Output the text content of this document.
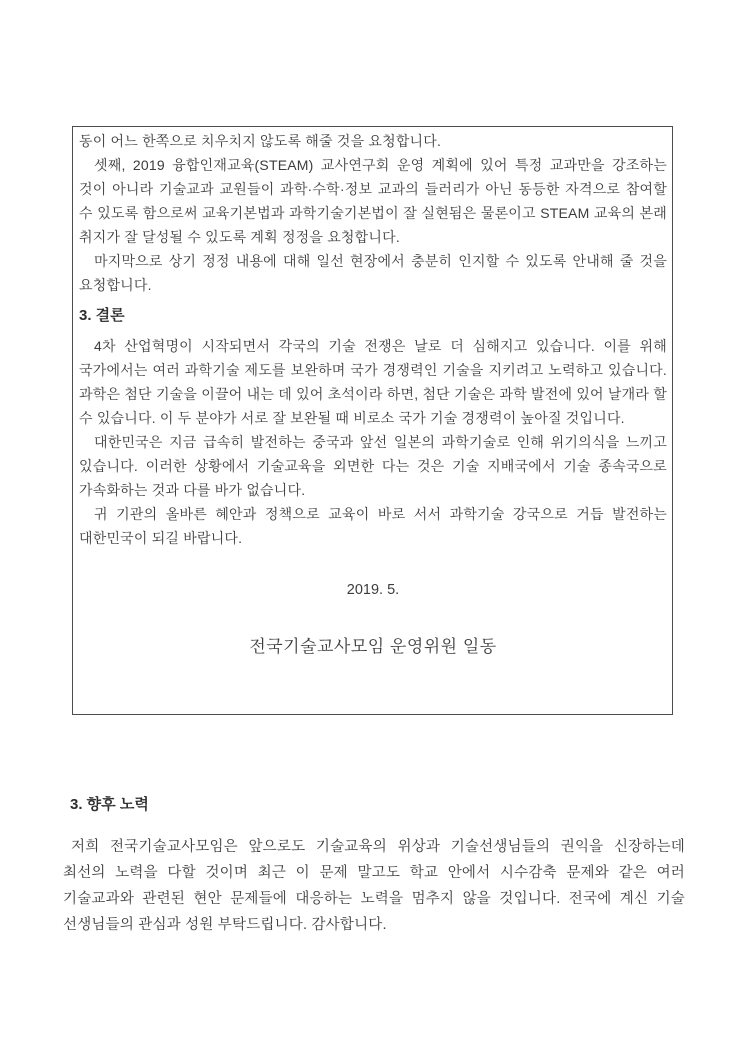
동이 어느 한쪽으로 치우치지 않도록 해줄 것을 요청합니다.

셋째, 2019 융합인재교육(STEAM) 교사연구회 운영 계획에 있어 특정 교과만을 강조하는 것이 아니라 기술교과 교원들이 과학·수학·정보 교과의 들러리가 아닌 동등한 자격으로 참여할 수 있도록 함으로써 교육기본법과 과학기술기본법이 잘 실현됨은 물론이고 STEAM 교육의 본래 취지가 잘 달성될 수 있도록 계획 정정을 요청합니다.

마지막으로 상기 정정 내용에 대해 일선 현장에서 충분히 인지할 수 있도록 안내해 줄 것을 요청합니다.

3. 결론

4차 산업혁명이 시작되면서 각국의 기술 전쟁은 날로 더 심해지고 있습니다. 이를 위해 국가에서는 여러 과학기술 제도를 보완하며 국가 경쟁력인 기술을 지키려고 노력하고 있습니다. 과학은 첨단 기술을 이끌어 내는 데 있어 초석이라 하면, 첨단 기술은 과학 발전에 있어 날개라 할 수 있습니다. 이 두 분야가 서로 잘 보완될 때 비로소 국가 기술 경쟁력이 높아질 것입니다.

대한민국은 지금 급속히 발전하는 중국과 앞선 일본의 과학기술로 인해 위기의식을 느끼고 있습니다. 이러한 상황에서 기술교육을 외면한 다는 것은 기술 지배국에서 기술 종속국으로 가속화하는 것과 다를 바가 없습니다.

귀 기관의 올바른 혜안과 정책으로 교육이 바로 서서 과학기술 강국으로 거듭 발전하는 대한민국이 되길 바랍니다.

2019. 5.

전국기술교사모임 운영위원 일동

3. 향후 노력

저희 전국기술교사모임은 앞으로도 기술교육의 위상과 기술선생님들의 권익을 신장하는데 최선의 노력을 다할 것이며 최근 이 문제 말고도 학교 안에서 시수감축 문제와 같은 여러 기술교과와 관련된 현안 문제들에 대응하는 노력을 멈추지 않을 것입니다. 전국에 계신 기술 선생님들의 관심과 성원 부탁드립니다. 감사합니다.
